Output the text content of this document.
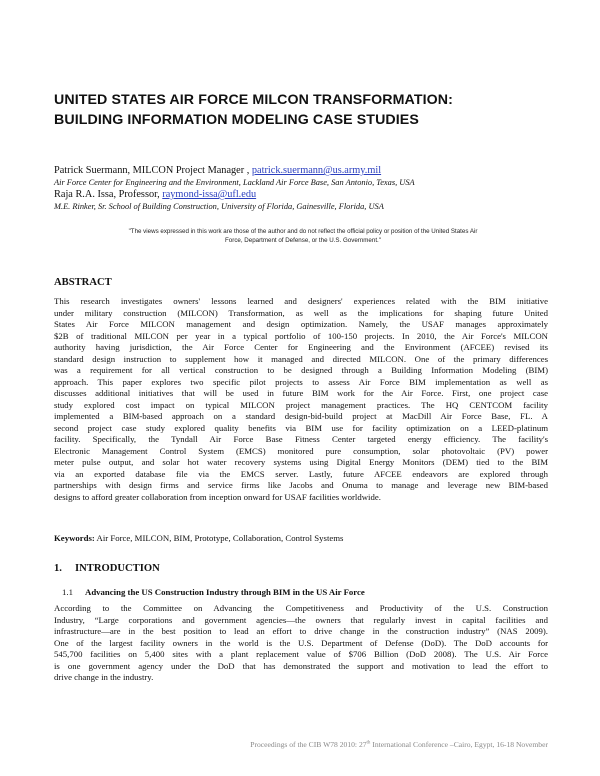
UNITED STATES AIR FORCE MILCON TRANSFORMATION:
BUILDING INFORMATION MODELING CASE STUDIES
Patrick Suermann, MILCON Project Manager , patrick.suermann@us.army.mil
Air Force Center for Engineering and the Environment, Lackland Air Force Base, San Antonio, Texas, USA
Raja R.A. Issa, Professor, raymond-issa@ufl.edu
M.E. Rinker, Sr. School of Building Construction, University of Florida, Gainesville, Florida, USA
"The views expressed in this work are those of the author and do not reflect the official policy or position of the United States Air
Force, Department of Defense, or the U.S. Government."
ABSTRACT
This research investigates owners' lessons learned and designers' experiences related with the BIM initiative
under military construction (MILCON) Transformation, as well as the implications for shaping future United
States Air Force MILCON management and design optimization. Namely, the USAF manages approximately
$2B of traditional MILCON per year in a typical portfolio of 100-150 projects. In 2010, the Air Force's MILCON
authority having jurisdiction, the Air Force Center for Engineering and the Environment (AFCEE) revised its
standard design instruction to supplement how it managed and directed MILCON. One of the primary differences
was a requirement for all vertical construction to be designed through a Building Information Modeling (BIM)
approach. This paper explores two specific pilot projects to assess Air Force BIM implementation as well as
discusses additional initiatives that will be used in future BIM work for the Air Force. First, one project case
study explored cost impact on typical MILCON project management practices. The HQ CENTCOM facility
implemented a BIM-based approach on a standard design-bid-build project at MacDill Air Force Base, FL. A
second project case study explored quality benefits via BIM use for facility optimization on a LEED-platinum
facility. Specifically, the Tyndall Air Force Base Fitness Center targeted energy efficiency. The facility's
Electronic Management Control System (EMCS) monitored pure consumption, solar photovoltaic (PV) power
meter pulse output, and solar hot water recovery systems using Digital Energy Monitors (DEM) tied to the BIM
via an exported database file via the EMCS server. Lastly, future AFCEE endeavors are explored through
partnerships with design firms and service firms like Jacobs and Onuma to manage and leverage new BIM-based
designs to afford greater collaboration from inception onward for USAF facilities worldwide.
Keywords: Air Force, MILCON, BIM, Prototype, Collaboration, Control Systems
1. INTRODUCTION
1.1 Advancing the US Construction Industry through BIM in the US Air Force
According to the Committee on Advancing the Competitiveness and Productivity of the U.S. Construction
Industry, “Large corporations and government agencies—the owners that regularly invest in capital facilities and
infrastructure—are in the best position to lead an effort to drive change in the construction industry” (NAS 2009).
One of the largest facility owners in the world is the U.S. Department of Defense (DoD). The DoD accounts for
545,700 facilities on 5,400 sites with a plant replacement value of $706 Billion (DoD 2008). The U.S. Air Force
is one government agency under the DoD that has demonstrated the support and motivation to lead the effort to
drive change in the industry.
Proceedings of the CIB W78 2010: 27th International Conference –Cairo, Egypt, 16-18 November
